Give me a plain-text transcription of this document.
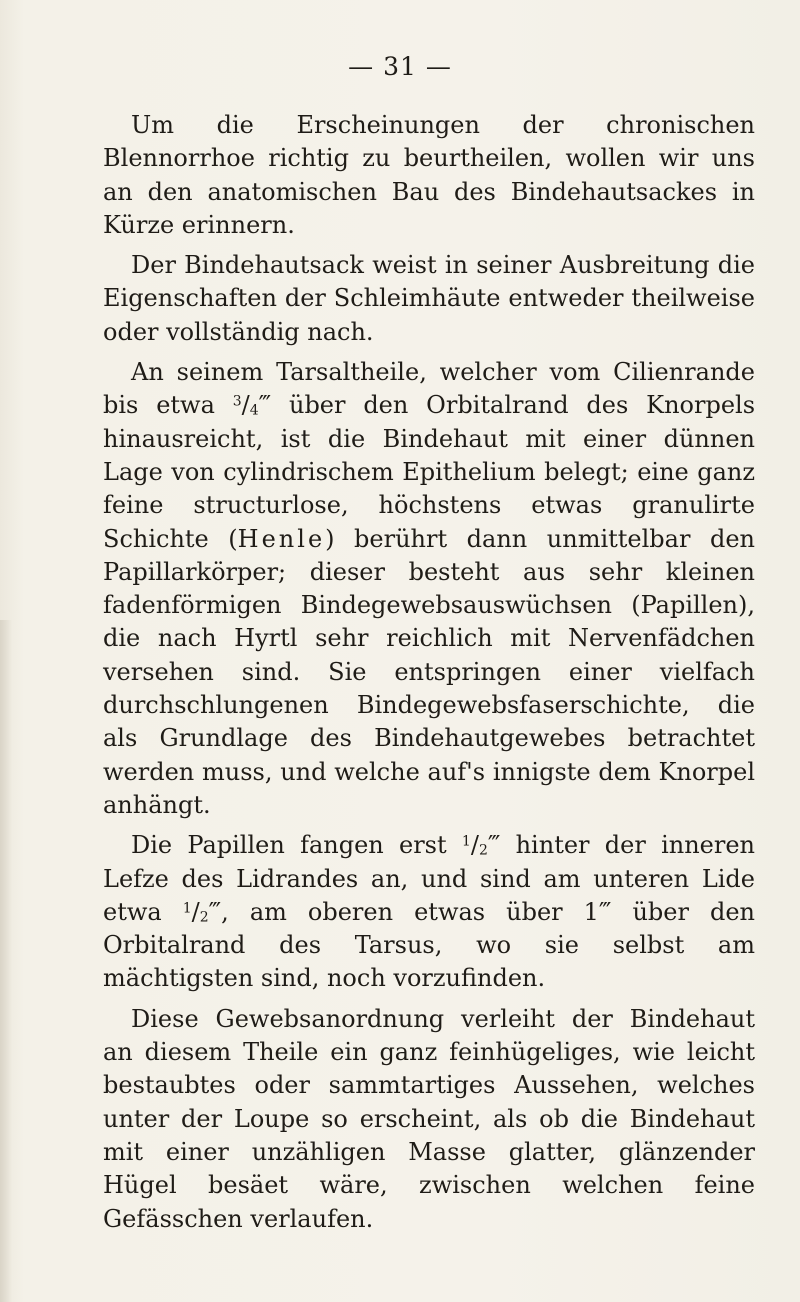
— 31 —

Um die Erscheinungen der chronischen Blennorrhoe richtig zu beurtheilen, wollen wir uns an den anatomischen Bau des Bindehautsackes in Kürze erinnern.

Der Bindehautsack weist in seiner Ausbreitung die Eigenschaften der Schleimhäute entweder theilweise oder vollständig nach.

An seinem Tarsaltheile, welcher vom Cilienrande bis etwa $^3$/4‴ über den Orbitalrand des Knorpels hinausreicht, ist die Bindehaut mit einer dünnen Lage von cylindrischem Epithelium belegt; eine ganz feine structurlose, höchstens etwas granulirte Schichte (Henle) berührt dann unmittelbar den Papillarkörper; dieser besteht aus sehr kleinen fadenförmigen Bindegewebsauswüchsen (Papillen), die nach Hyrtl sehr reichlich mit Nervenfädchen versehen sind. Sie entspringen einer vielfach durchschlungenen Bindegewebsfaserschichte, die als Grundlage des Bindehautgewebes betrachtet werden muss, und welche auf's innigste dem Knorpel anhängt.

Die Papillen fangen erst $^1$/2‴ hinter der inneren Lefze des Lidrandes an, und sind am unteren Lide etwa $^1$/2‴, am oberen etwas über 1‴ über den Orbitalrand des Tarsus, wo sie selbst am mächtigsten sind, noch vorzufinden.

Diese Gewebsanordnung verleiht der Bindehaut an diesem Theile ein ganz feinhügeliges, wie leicht bestaubtes oder sammtartiges Aussehen, welches unter der Loupe so erscheint, als ob die Bindehaut mit einer unzähligen Masse glatter, glänzender Hügel besäet wäre, zwischen welchen feine Gefässchen verlaufen.
